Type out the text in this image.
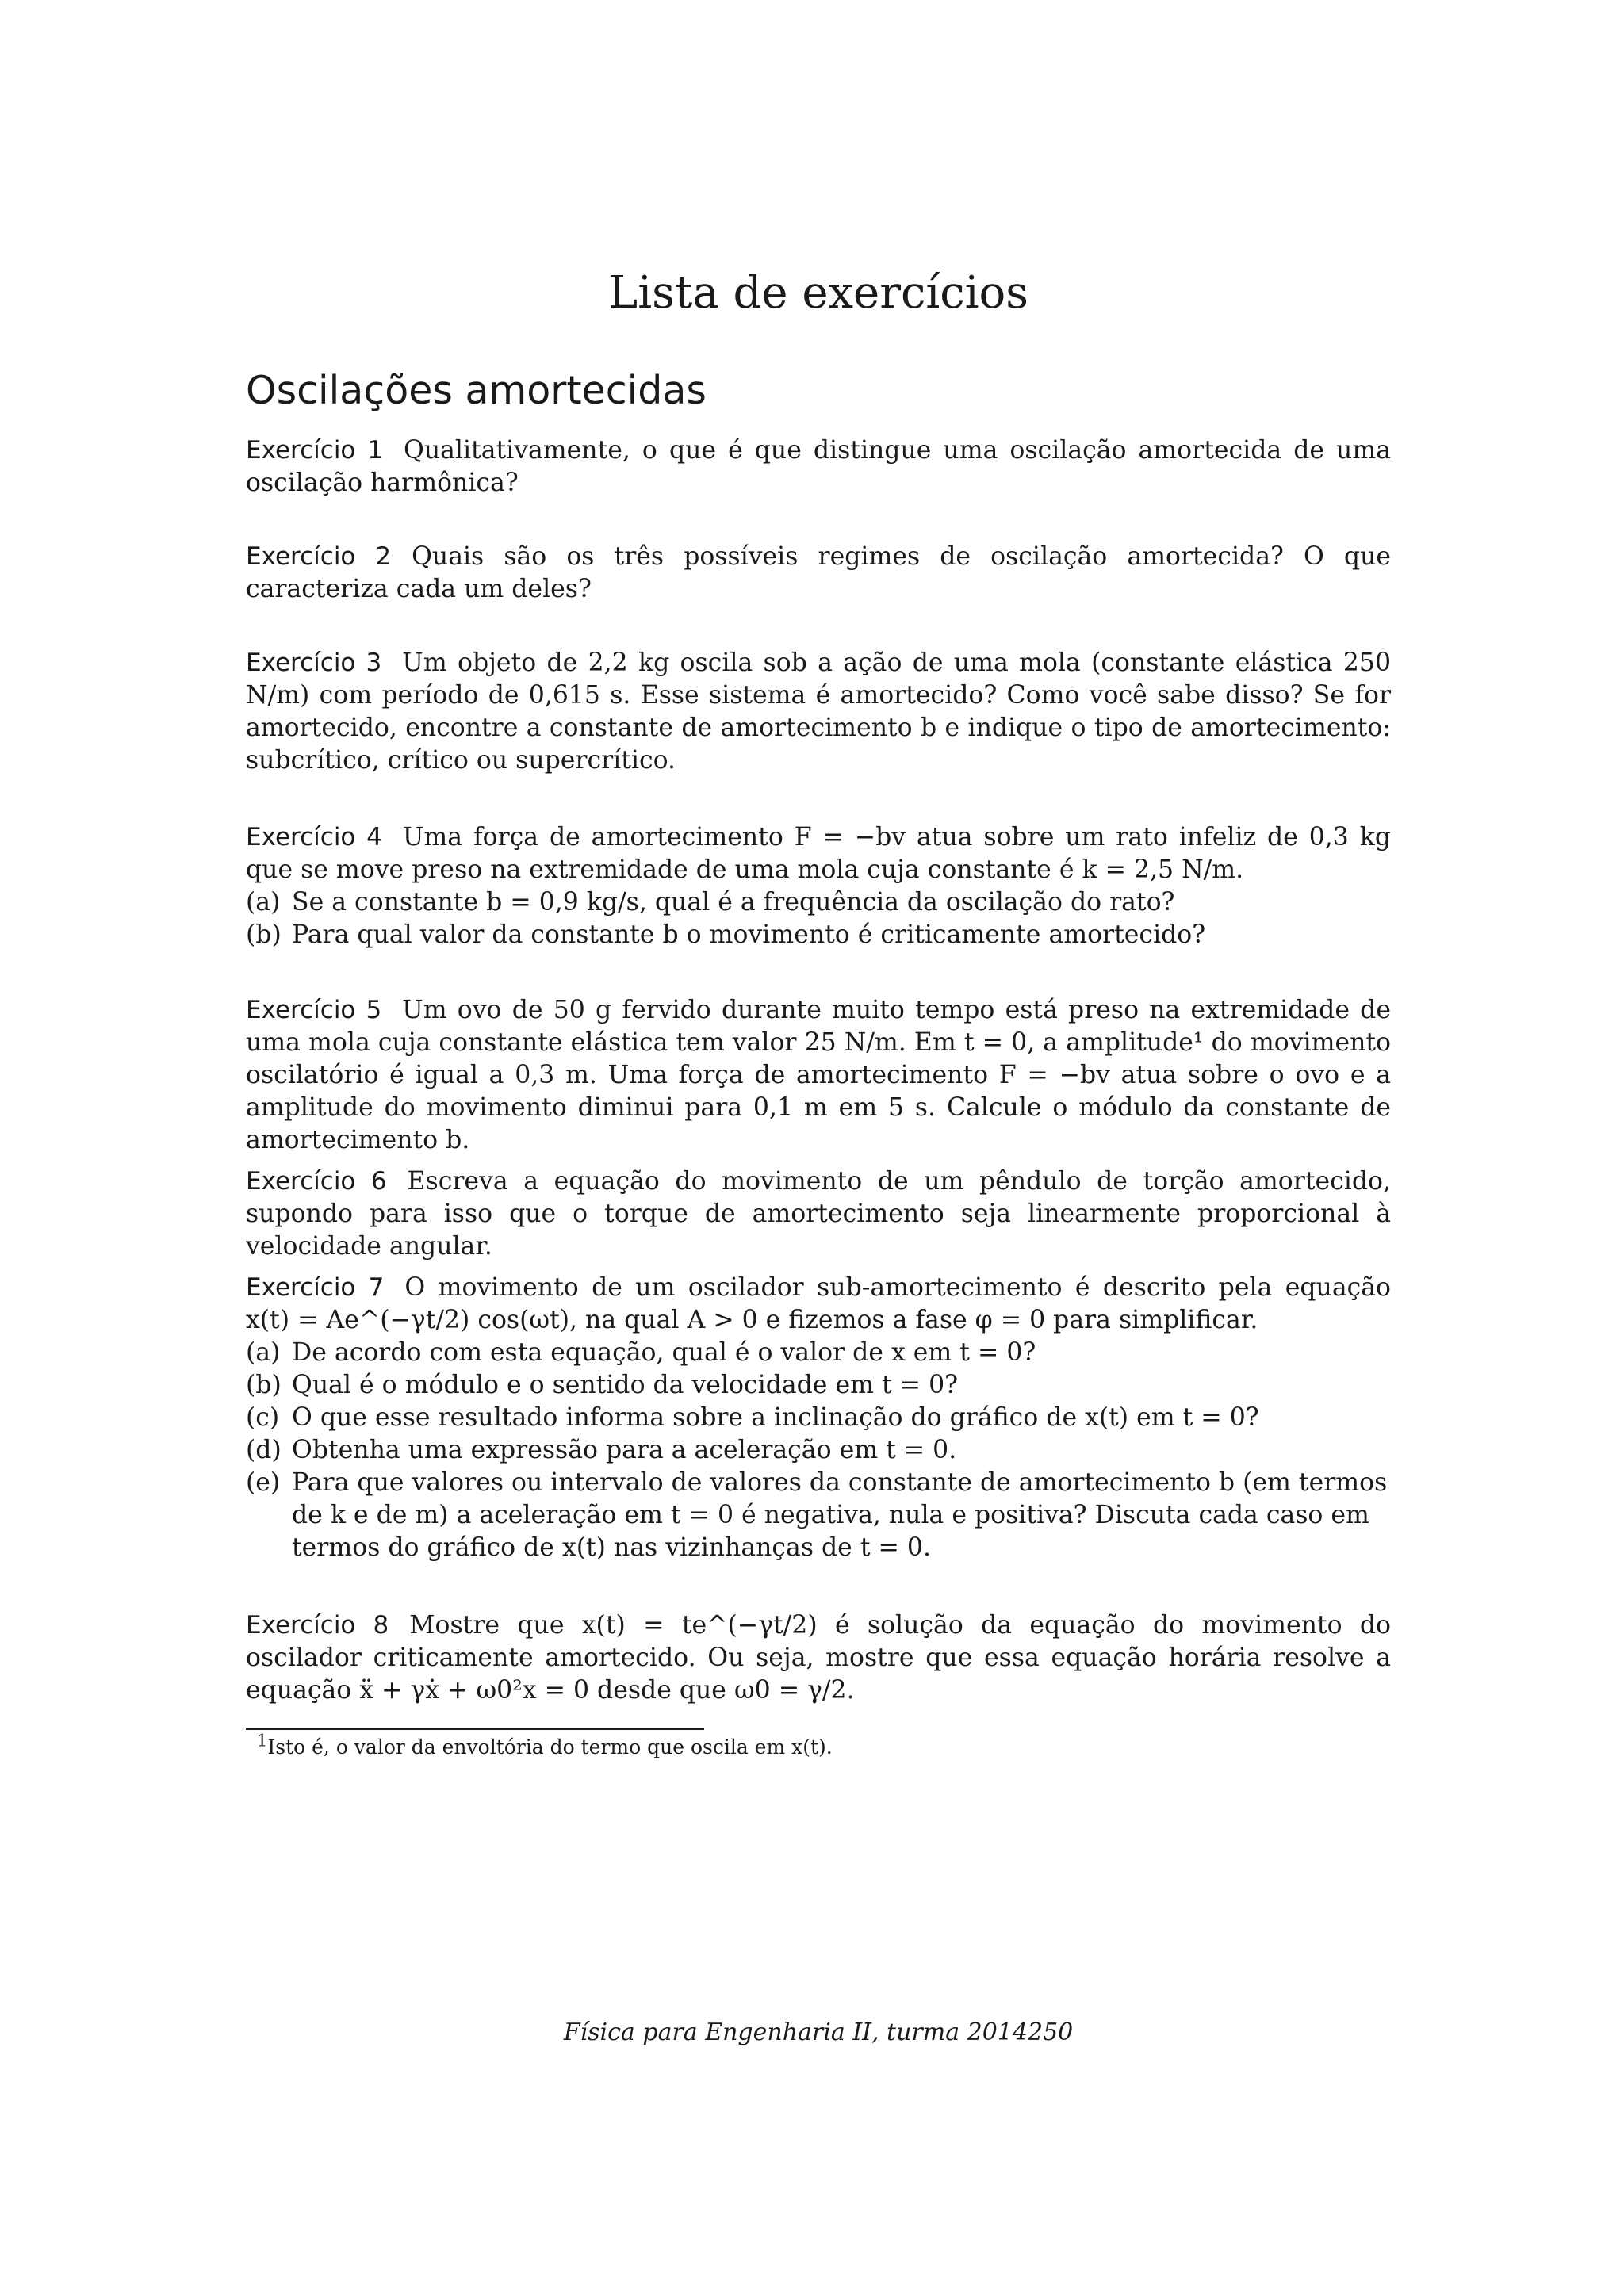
Lista de exercícios
Oscilações amortecidas

Exercício 1 Qualitativamente, o que é que distingue uma oscilação amortecida de uma oscilação harmônica?

Exercício 2 Quais são os três possíveis regimes de oscilação amortecida? O que caracteriza cada um deles?

Exercício 3 Um objeto de 2,2 kg oscila sob a ação de uma mola (constante elástica 250 N/m) com período de 0,615 s. Esse sistema é amortecido? Como você sabe disso? Se for amortecido, encontre a constante de amortecimento b e indique o tipo de amortecimento: subcrítico, crítico ou supercrítico.

Exercício 4 Uma força de amortecimento F = −bv atua sobre um rato infeliz de 0,3 kg que se move preso na extremidade de uma mola cuja constante é k = 2,5 N/m.

(a) Se a constante b = 0,9 kg/s, qual é a frequência da oscilação do rato?
(b) Para qual valor da constante b o movimento é criticamente amortecido?

Exercício 5 Um ovo de 50 g fervido durante muito tempo está preso na extremidade de uma mola cuja constante elástica tem valor 25 N/m. Em t = 0, a amplitude¹ do movimento oscilatório é igual a 0,3 m. Uma força de amortecimento F = −bv atua sobre o ovo e a amplitude do movimento diminui para 0,1 m em 5 s. Calcule o módulo da constante de amortecimento b.

Exercício 6 Escreva a equação do movimento de um pêndulo de torção amortecido, supondo para isso que o torque de amortecimento seja linearmente proporcional à velocidade angular.

Exercício 7 O movimento de um oscilador sub-amortecimento é descrito pela equação x(t) = Ae^(−γt/2) cos(ωt), na qual A > 0 e fizemos a fase φ = 0 para simplificar.

(a) De acordo com esta equação, qual é o valor de x em t = 0?
(b) Qual é o módulo e o sentido da velocidade em t = 0?
(c) O que esse resultado informa sobre a inclinação do gráfico de x(t) em t = 0?
(d) Obtenha uma expressão para a aceleração em t = 0.
(e) Para que valores ou intervalo de valores da constante de amortecimento b (em termos de k e de m) a aceleração em t = 0 é negativa, nula e positiva? Discuta cada caso em termos do gráfico de x(t) nas vizinhanças de t = 0.

Exercício 8 Mostre que x(t) = te^(−γt/2) é solução da equação do movimento do oscilador criticamente amortecido. Ou seja, mostre que essa equação horária resolve a equação ẍ + γẋ + ω0²x = 0 desde que ω0 = γ/2.

$^1$Isto é, o valor da envoltória do termo que oscila em x(t).
Física para Engenharia II, turma 2014250
